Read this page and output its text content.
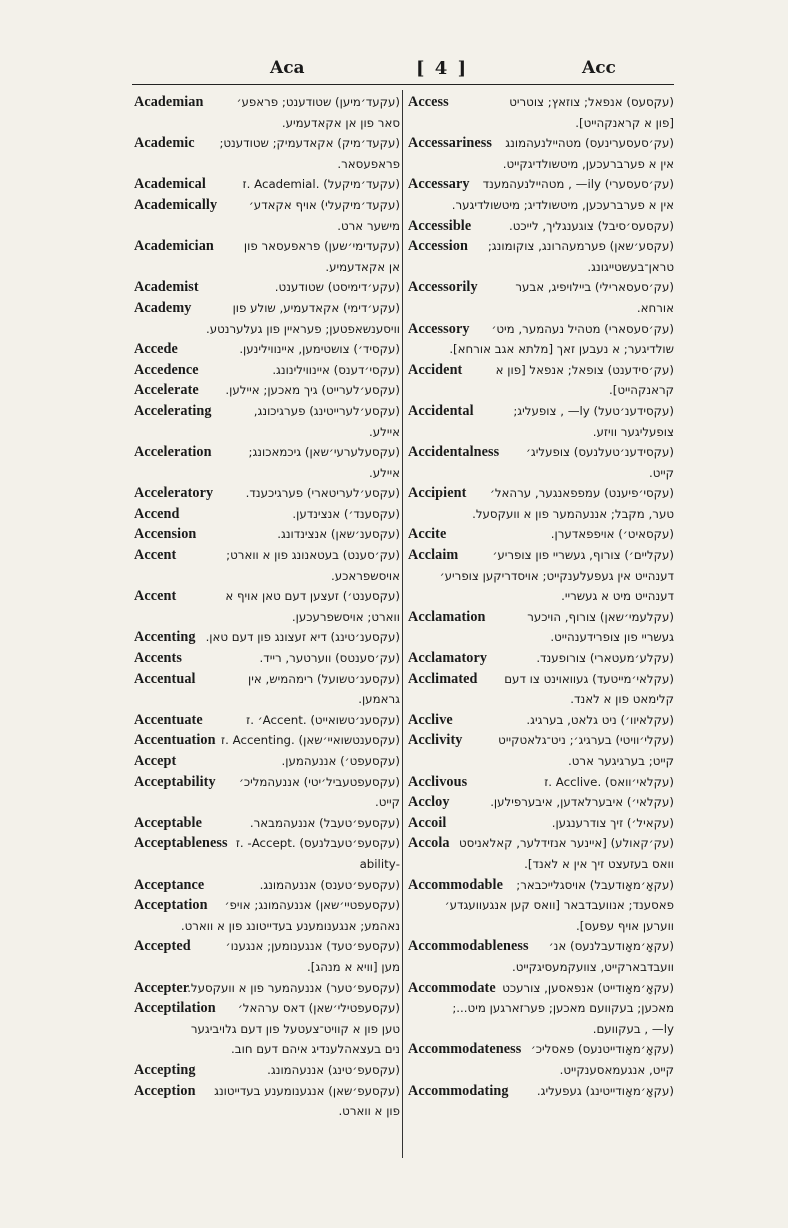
Aca	[ 4 ]	Acc
(עקעד׳מיען) שטודענט; פראפע׳
Academian
סאר פון אן אקאדעמיע.
(עקעד׳מיק) אקאדעמיק; שטודענט;
Academic
פראפעסאר.
(עקעד׳מיקעל) .Academial .ז
Academical
(עקעד׳מיקעלי) אויף אקאדע׳
Academically
מישער ארט.
(עקעדימי׳שען) פראפעסאר פון
Academician
אן אקאדעמיע.
(עקע׳דימיסט) שטודענט.
Academist
(עקע׳דימי) אקאדעמיע, שולע פון
Academy
וויסענשאפטען; פעראיין פון געלערנטע.
(עקסיד׳) צושטימען, איינווילינען.
Accede
(עקסי׳דענס) איינווילינונג.
Accedence
(עקסע׳לערייט) גיך מאכען; איילען.
Accelerate
(עקסע׳לערייטינג) פערגיכונג,
Accelerating
איילע.
(עקסעלערעי׳שאן) גיכמאכונג;
Acceleration
איילע.
(עקסע׳לעריטארי) פערגיכענד.
Acceleratory
(עקסענד׳) אנצינדען.
Accend
(עקסענ׳שאן) אנצינדונג.
Accension
(עק׳סענט) בעטאנונג פון א ווארט;
Accent
אויסשפראכע.
(עקסענט׳) זעצען דעם טאן אויף א
Accent
ווארט; אויסשפרעכען.
(עקסענ׳טינג) דיא זעצונג פון דעם טאן.
Accenting
(עק׳סענטס) ווערטער, רייד.
Accents
(עקסענ׳טשועל) רימהמיש, אין
Accentual
גראמען.
(עקסענ׳טשואייט) .Accent׳ .ז
Accentuate
(עקסענטשואיי׳שאן) .Accenting .ז
Accentuation
(עקסעפט׳) אננעהמען.
Accept
(עקסעפטעביל׳יטי) אננעהמליכ׳
Acceptability
קייט.
(עקסעפ׳טעבל) אננעהמבאר.
Acceptable
(עקסעפ׳טעבלנעס) .Accept- .ז
Acceptableness
-ability
(עקסעפ׳טענס) אננעהמונג.
Acceptance
(עקסעפטיי׳שאן) אננעהמונג; אויפ׳
Acceptation
נאהמע; אנגענומענע בעדייטונג פון א ווארט.
(עקסעפ׳טעד) אנגענומען; אנגענו׳
Accepted
מען [וויא א מנהג].
(עקסעפ׳טער) אננעהמער פון א וועקסעל.
Accepter
(עקסעפטילי׳שאן) דאס ערהאל׳
Acceptilation
טען פון א קוויט־צעטעל פון דעם גלויביגער
נים בעצאהלענדיג איהם דעם חוב.
(עקסעפ׳טינג) אננעהמונג.
Accepting
(עקסעפ׳שאן) אנגענומענע בעדייטונג
Acception
פון א ווארט.
(עקסעס) אנפאל; צוזאץ; צוטריט
Access
[פון א קראנקהייט].
(עק׳סעסערינעס) מטהיילנעהמונג
Accessariness
אין א פערברעכען, מיטשולדיגקייט.
(עק׳סעסערי) ily— , מטהיילנעהמענד
Accessary
אין א פערברעכען, מיטשולדיג; מיטשולדיגער.
(עקסעס׳סיבל) צוגענגליך, לייכט.
Accessible
(עקסע׳שאן) פערמעהרונג, צוקומונג;
Accession
טראן־בעשטייגונג.
(עק׳סעסארילי) ביילויפיג, אבער
Accessorily
אורחא.
(עק׳סעסארי) מטהיל נעהמער, מיט׳
Accessory
שולדיגער; א נעבען זאך [מלתא אגב אורחא].
(עק׳סידענט) צופאל; אנפאל [פון א
Accident
קראנקהייט].
(עקסידענ׳טעל) ly— , צופעליג;
Accidental
צופעליגער וויזע.
(עקסידענ׳טעלנעס) צופעליג׳
Accidentalness
קייט.
(עקסי׳פיענט) עמפפאנגער, ערהאל׳
Accipient
טער, מקבל; אננעהמער פון א וועקסעל.
(עקסאיט׳) אויפפאדערן.
Accite
(עקליים׳) צורוף, געשריי פון צופריע׳
Acclaim
דענהייט אין געפעלענקייט; אויסדריקען צופריע׳
דענהייט מיט א געשריי.
(עקלעמי׳שאן) צורוף, הויכער
Acclamation
געשריי פון צופרידענהייט.
(עקלע׳מעטארי) צורופענד.
Acclamatory
(עקלאי׳מייטעד) געוואוינט צו דעם
Acclimated
קלימאט פון א לאנד.
(עקלאיוו׳) ניט גלאט, בערגיג.
Acclive
(עקלי׳וויטי) בערגיג׳; ניט־גלאטקייט
Acclivity
קייט; בערגיגער ארט.
(עקלאי׳וואס) .Acclive .ז
Acclivous
(עקלאי׳) איבערלאדען, איבערפילען.
Accloy
(עקאיל׳) זיך צודרענגען.
Accoil
(עק׳קאולע) [איינער אנזידלער, קאלאניסט
Accola
וואס בעזעצט זיך אין א לאנד].
(עקאָ׳מאָודעבל) אויסגלייכבאר;
Accommodable
פאסענד; אנוועבדבאר [וואס קען אנגעוועגדע׳
ווערען אויף עפעס].
(עקאָ׳מאָודעבלנעס) אנ׳
Accommodableness
וועבדבארקייט, צוועקמעסיגקייט.
(עקאָ׳מאָודייט) אנפאסען, צורעכט
Accommodate
מאכען; בעקוועם מאכען; פערזארגען מיט...;
ly— , בעקוועם.
(עקאָ׳מאָודייטנעס) פאסליכ׳
Accommodateness
קייט, אנגעמאסענקייט.
(עקאָ׳מאָודייטינג) געפעליג.
Accommodating
